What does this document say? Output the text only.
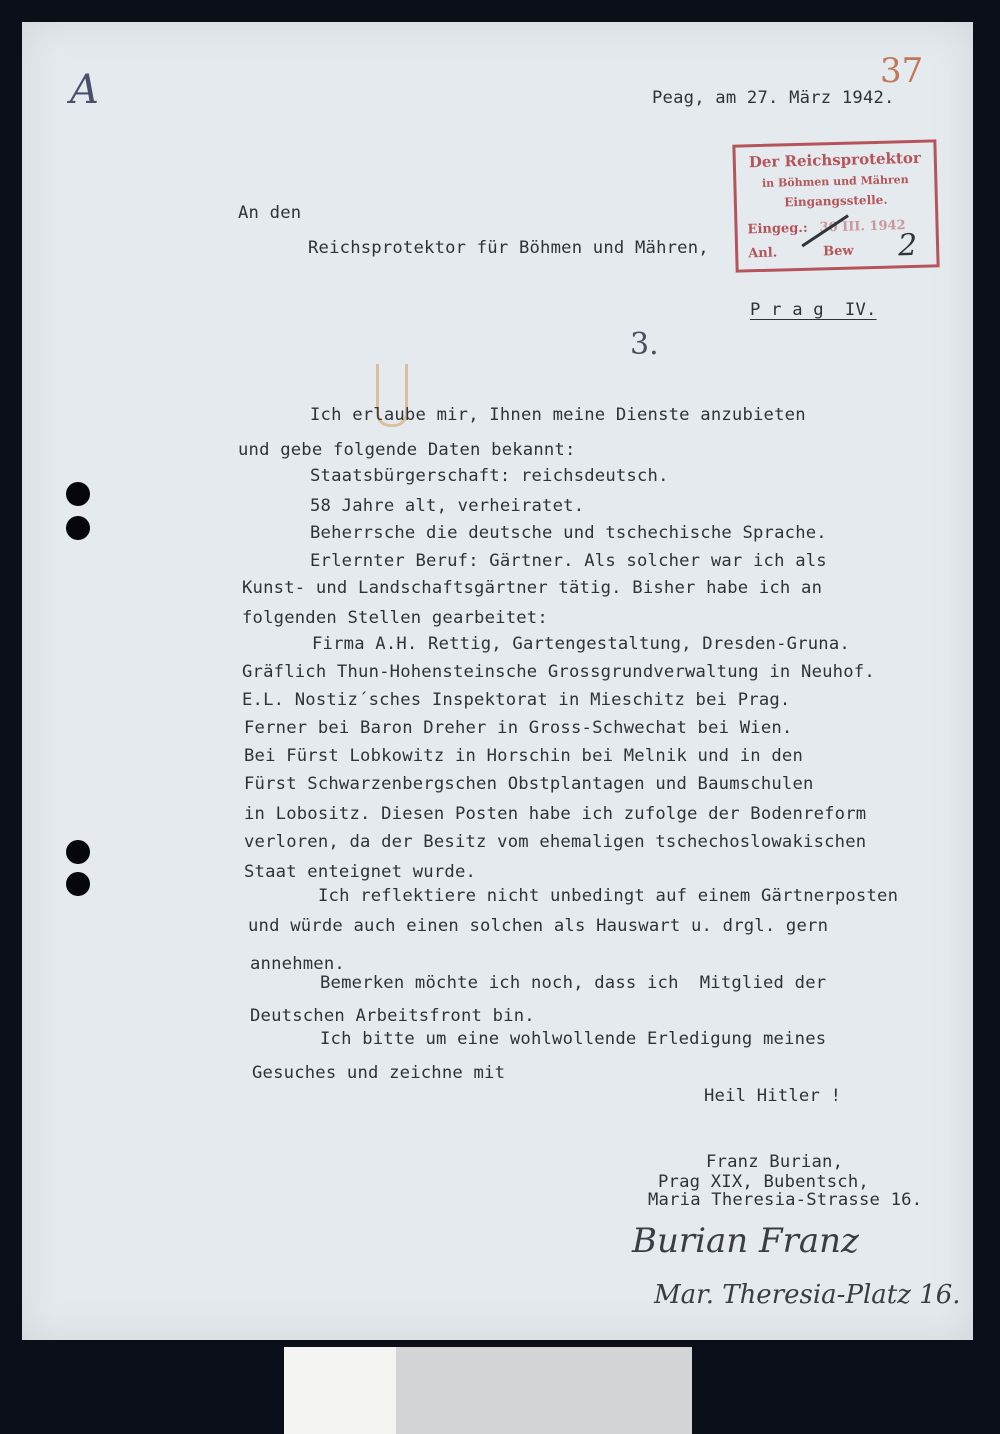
A	37
Peag, am 27. März 1942.
Der Reichsprotektor
in Böhmen und Mähren
Eingangsstelle.
Eingeg.: 30 III. 1942
Anl.	Bew 2
An den
Reichsprotektor für Böhmen und Mähren,
P r a g  IV.
3.

Ich erlaube mir, Ihnen meine Dienste anzubieten
und gebe folgende Daten bekannt:
Staatsbürgerschaft: reichsdeutsch.
58 Jahre alt, verheiratet.
Beherrsche die deutsche und tschechische Sprache.
Erlernter Beruf: Gärtner. Als solcher war ich als
Kunst- und Landschaftsgärtner tätig. Bisher habe ich an
folgenden Stellen gearbeitet:
Firma A.H. Rettig, Gartengestaltung, Dresden-Gruna.
Gräflich Thun-Hohensteinsche Grossgrundverwaltung in Neuhof.
E.L. Nostiz´sches Inspektorat in Mieschitz bei Prag.
Ferner bei Baron Dreher in Gross-Schwechat bei Wien.
Bei Fürst Lobkowitz in Horschin bei Melnik und in den
Fürst Schwarzenbergschen Obstplantagen und Baumschulen
in Lobositz. Diesen Posten habe ich zufolge der Bodenreform
verloren, da der Besitz vom ehemaligen tschechoslowakischen
Staat enteignet wurde.
Ich reflektiere nicht unbedingt auf einem Gärtnerposten
und würde auch einen solchen als Hauswart u. drgl. gern
annehmen.
Bemerken möchte ich noch, dass ich  Mitglied der
Deutschen Arbeitsfront bin.
Ich bitte um eine wohlwollende Erledigung meines
Gesuches und zeichne mit
Heil Hitler !
Franz Burian,
Prag XIX, Bubentsch,
Maria Theresia-Strasse 16.
Burian Franz
Mar. Theresia-Platz 16.
